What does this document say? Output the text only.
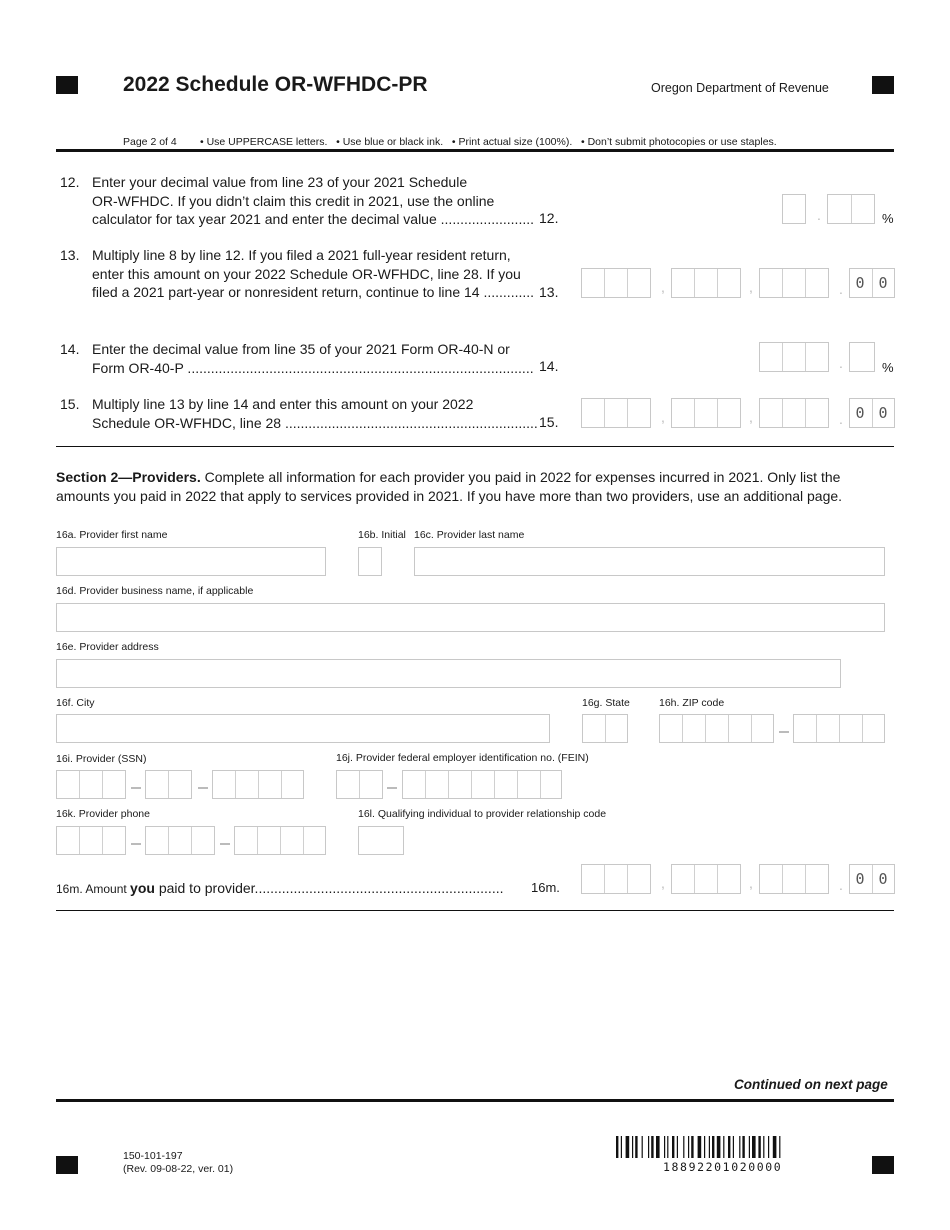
2022 Schedule OR-WFHDC-PR	Oregon Department of Revenue
Page 2 of 4 • Use UPPERCASE letters.   • Use blue or black ink.   • Print actual size (100%).   • Don’t submit photocopies or use staples.
12. Enter your decimal value from line 23 of your 2021 Schedule
OR-WFHDC. If you didn’t claim this credit in 2021, use the online
calculator for tax year 2021 and enter the decimal value ........................ 12.	.	%
13. Multiply line 8 by line 12. If you filed a 2021 full-year resident return,
enter this amount on your 2022 Schedule OR-WFHDC, line 28. If you
filed a 2021 part-year or nonresident return, continue to line 14 ............. 13.	,	,	. 0 0
14. Enter the decimal value from line 35 of your 2021 Form OR-40-N or
Form OR-40-P ......................................................................................... 14.	.	%
15. Multiply line 13 by line 14 and enter this amount on your 2022
Schedule OR-WFHDC, line 28 ................................................................. 15.	,	,	. 0 0
Section 2—Providers. Complete all information for each provider you paid in 2022 for expenses incurred in 2021. Only list the amounts you paid in 2022 that apply to services provided in 2021. If you have more than two providers, use an additional page.
16a. Provider first name	16b. Initial 16c. Provider last name
16d. Provider business name, if applicable
16e. Provider address
16f. City	16g. State	16h. ZIP code
16i. Provider (SSN)	16j. Provider federal employer identification no. (FEIN)
16k. Provider phone	16l. Qualifying individual to provider relationship code
16m. Amount you paid to provider................................................................ 16m.	,	,	. 0 0
Continued on next page
150-101-197
(Rev. 09-08-22, ver. 01)	18892201020000
